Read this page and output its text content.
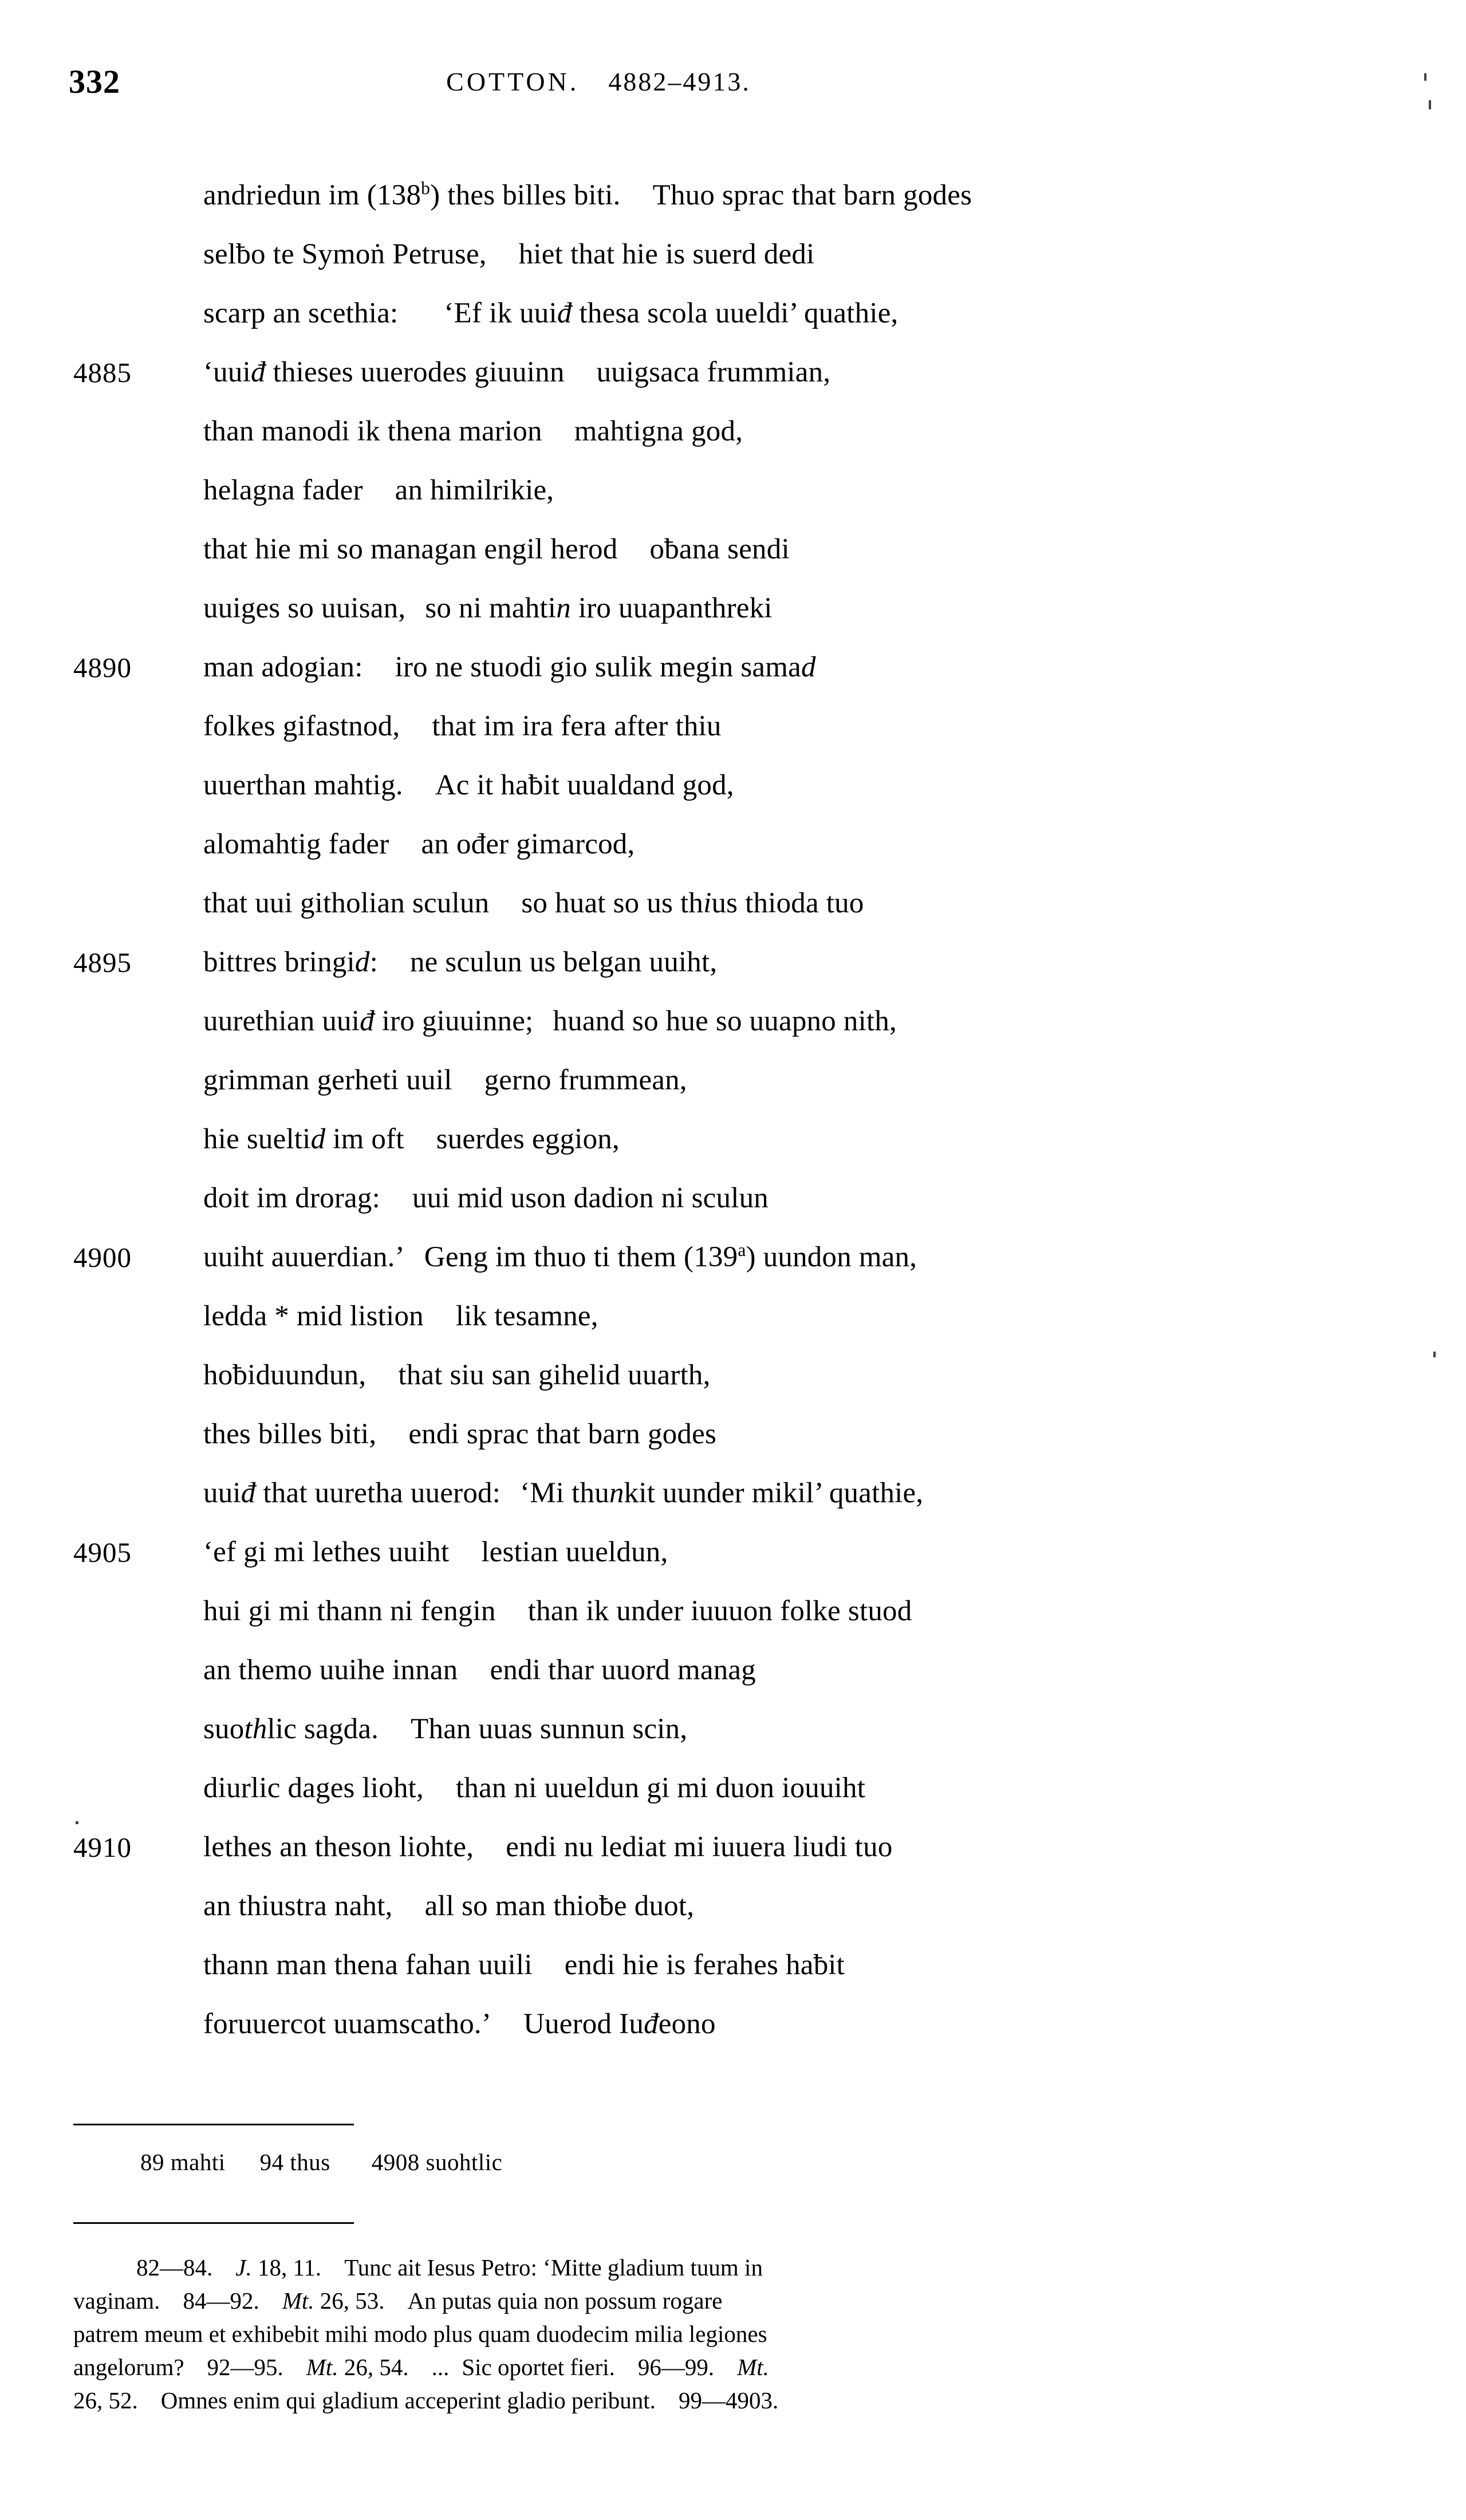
332	COTTON. 4882–4913.
andriedun im (138$^b$) thes billes biti. Thuo sprac that barn godes
selƀo te Symoṅ Petruse, hiet that hie is suerd dedi
scarp an scethia: ‘Ef ik uuiđ thesa scola uueldi’ quathie,
4885	‘uuiđ thieses uuerodes giuuinn uuigsaca frummian,
than manodi ik thena marion mahtigna god,
helagna fader an himilrikie,
that hie mi so managan engil herod oƀana sendi
uuiges so uuisan, so ni mahtin iro uuapanthreki
4890	man adogian: iro ne stuodi gio sulik megin samad
folkes gifastnod, that im ira fera after thiu
uuerthan mahtig. Ac it haƀit uualdand god,
alomahtig fader an ođer gimarcod,
that uui githolian sculun so huat so us thius thioda tuo
4895	bittres bringid: ne sculun us belgan uuiht,
uurethian uuiđ iro giuuinne; huand so hue so uuapno nith,
grimman gerheti uuil gerno frummean,
hie sueltid im oft suerdes eggion,
doit im drorag: uui mid uson dadion ni sculun
4900	uuiht auuerdian.’ Geng im thuo ti them (139$^a$) uundon man,
ledda * mid listion lik tesamne,
hoƀiduundun, that siu san gihelid uuarth,
thes billes biti, endi sprac that barn godes
uuiđ that uuretha uuerod: ‘Mi thunkit uunder mikil’ quathie,
4905	‘ef gi mi lethes uuiht lestian uueldun,
hui gi mi thann ni fengin than ik under iuuuon folke stuod
an themo uuihe innan endi thar uuord manag
suothlic sagda. Than uuas sunnun scin,
diurlic dages lioht, than ni uueldun gi mi duon iouuiht
4910	lethes an theson liohte, endi nu lediat mi iuuera liudi tuo
an thiustra naht, all so man thioƀe duot,
thann man thena fahan uuili endi hie is ferahes haƀit
foruuercot uuamscatho.’ Uuerod Iuđeono
89 mahti 94 thus 4908 suohtlic
82—84. J. 18, 11. Tunc ait Iesus Petro: ‘Mitte gladium tuum in
vaginam. 84—92. Mt. 26, 53. An putas quia non possum rogare
patrem meum et exhibebit mihi modo plus quam duodecim milia legiones
angelorum? 92—95. Mt. 26, 54. ... Sic oportet fieri. 96—99. Mt.
26, 52. Omnes enim qui gladium acceperint gladio peribunt. 99—4903.
